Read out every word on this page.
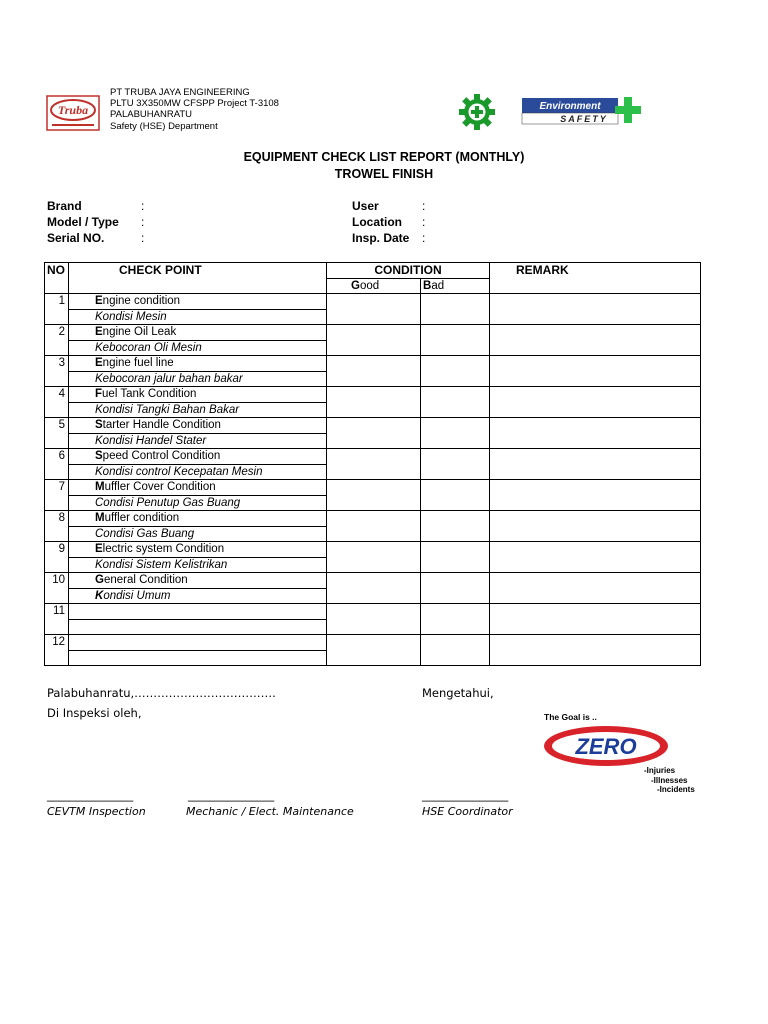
Truba
PT TRUBA JAYA ENGINEERING
PLTU 3X350MW CFSPP Project T-3108
PALABUHANRATU
Safety (HSE) Department
Environment
SAFETY
EQUIPMENT CHECK LIST REPORT (MONTHLY)
TROWEL FINISH
Brand	:
Model / Type	:
Serial NO.	:
User	:
Location	:
Insp. Date	:
NO	CHECK POINT	CONDITION		REMARK
		Good	Bad	
1	Engine condition			
	Kondisi Mesin			
2	Engine Oil Leak			
	Kebocoran Oli Mesin			
3	Engine fuel line			
	Kebocoran jalur bahan bakar			
4	Fuel Tank Condition			
	Kondisi Tangki Bahan Bakar			
5	Starter Handle Condition			
	Kondisi Handel Stater			
6	Speed Control Condition			
	Kondisi control Kecepatan Mesin			
7	Muffler Cover Condition			
	Condisi Penutup Gas Buang			
8	Muffler condition			
	Condisi Gas Buang			
9	Electric system Condition			
	Kondisi Sistem Kelistrikan			
10	General Condition			
	Kondisi Umum			
11				

12				

Palabuhanratu,……………………………….
Di Inspeksi oleh,
Mengetahui,
_______________	_______________	_______________
CEVTM Inspection	Mechanic / Elect. Maintenance	HSE Coordinator
The Goal is ..
ZERO
-Injuries
-Illnesses
-Incidents
